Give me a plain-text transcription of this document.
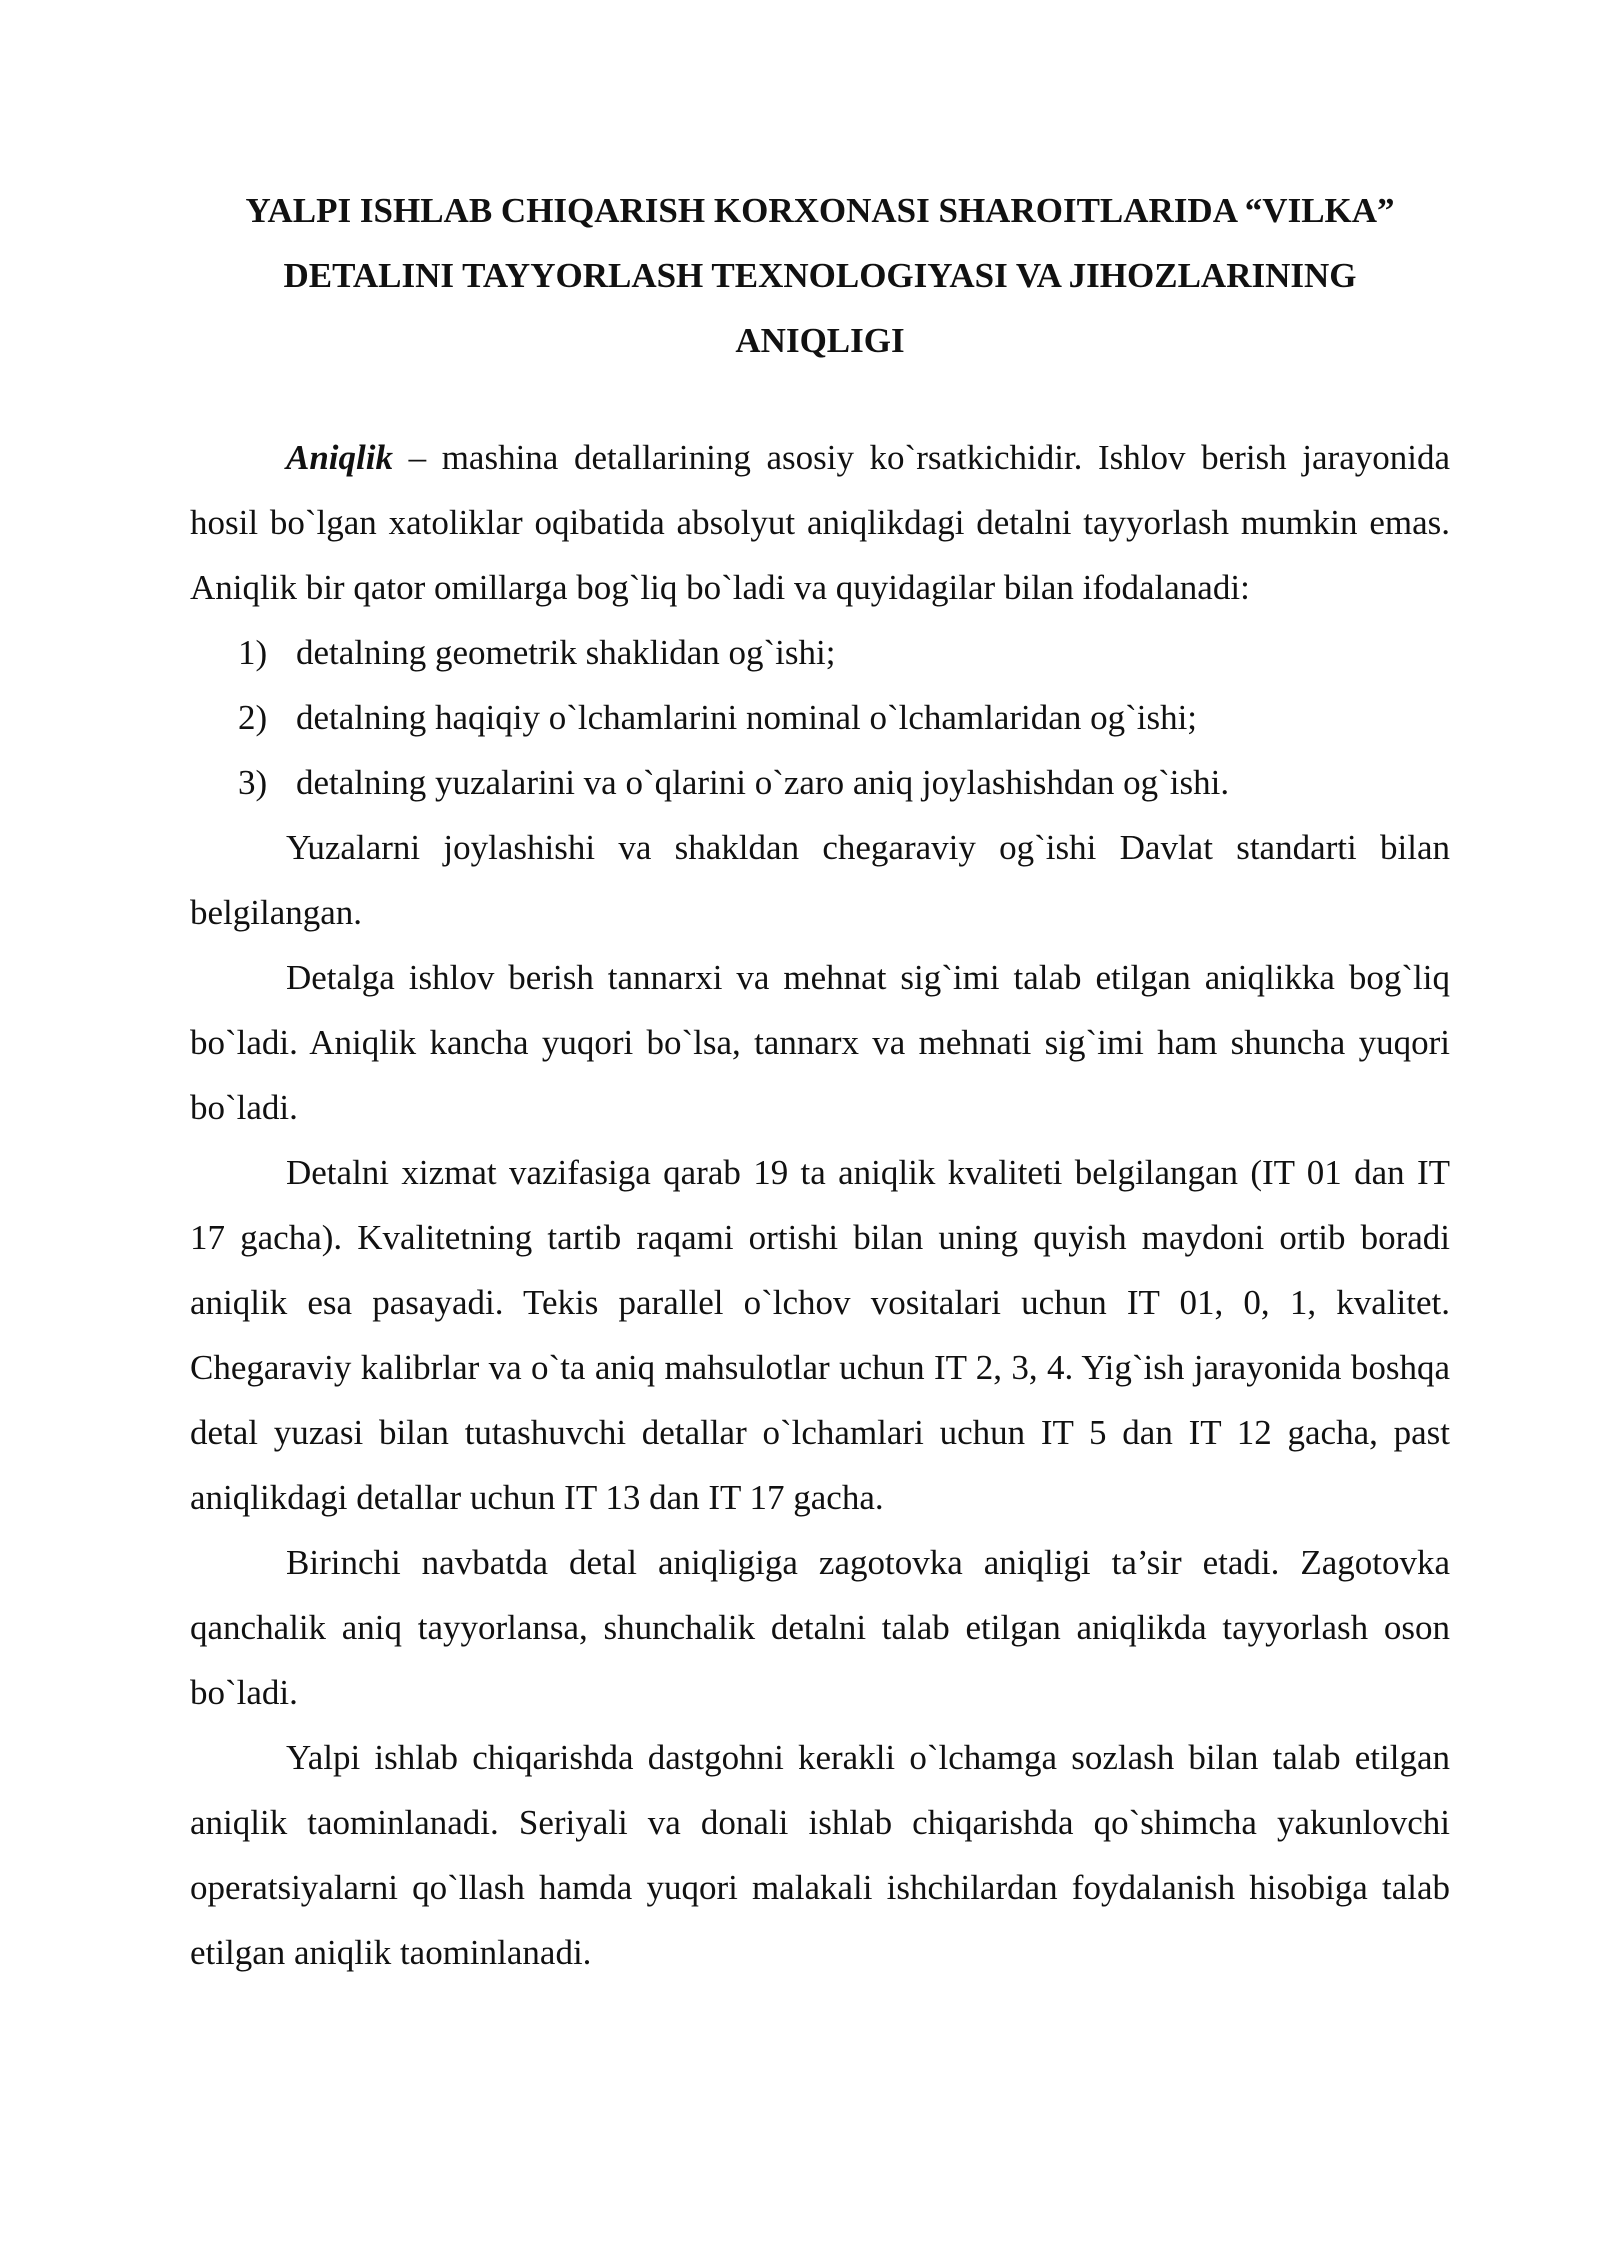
YALPI ISHLAB CHIQARISH KORXONASI SHAROITLARIDA “VILKA”
DETALINI TAYYORLASH TEXNOLOGIYASI VA JIHOZLARINING
ANIQLIGI

Aniqlik – mashina detallarining asosiy ko`rsatkichidir. Ishlov berish jarayonida hosil bo`lgan xatoliklar oqibatida absolyut aniqlikdagi detalni tayyorlash mumkin emas. Aniqlik bir qator omillarga bog`liq bo`ladi va quyidagilar bilan ifodalanadi:

1) detalning geometrik shaklidan og`ishi;
2) detalning haqiqiy o`lchamlarini nominal o`lchamlaridan og`ishi;
3) detalning yuzalarini va o`qlarini o`zaro aniq joylashishdan og`ishi.

Yuzalarni joylashishi va shakldan chegaraviy og`ishi Davlat standarti bilan belgilangan.

Detalga ishlov berish tannarxi va mehnat sig`imi talab etilgan aniqlikka bog`liq bo`ladi. Aniqlik kancha yuqori bo`lsa, tannarx va mehnati sig`imi ham shuncha yuqori bo`ladi.

Detalni xizmat vazifasiga qarab 19 ta aniqlik kvaliteti belgilangan (IT 01 dan IT 17 gacha). Kvalitetning tartib raqami ortishi bilan uning quyish maydoni ortib boradi aniqlik esa pasayadi. Tekis parallel o`lchov vositalari uchun IT 01, 0, 1, kvalitet. Chegaraviy kalibrlar va o`ta aniq mahsulotlar uchun IT 2, 3, 4. Yig`ish jarayonida boshqa detal yuzasi bilan tutashuvchi detallar o`lchamlari uchun IT 5 dan IT 12 gacha, past aniqlikdagi detallar uchun IT 13 dan IT 17 gacha.

Birinchi navbatda detal aniqligiga zagotovka aniqligi ta’sir etadi. Zagotovka qanchalik aniq tayyorlansa, shunchalik detalni talab etilgan aniqlikda tayyorlash oson bo`ladi.

Yalpi ishlab chiqarishda dastgohni kerakli o`lchamga sozlash bilan talab etilgan aniqlik taominlanadi. Seriyali va donali ishlab chiqarishda qo`shimcha yakunlovchi operatsiyalarni qo`llash hamda yuqori malakali ishchilardan foydalanish hisobiga talab etilgan aniqlik taominlanadi.
